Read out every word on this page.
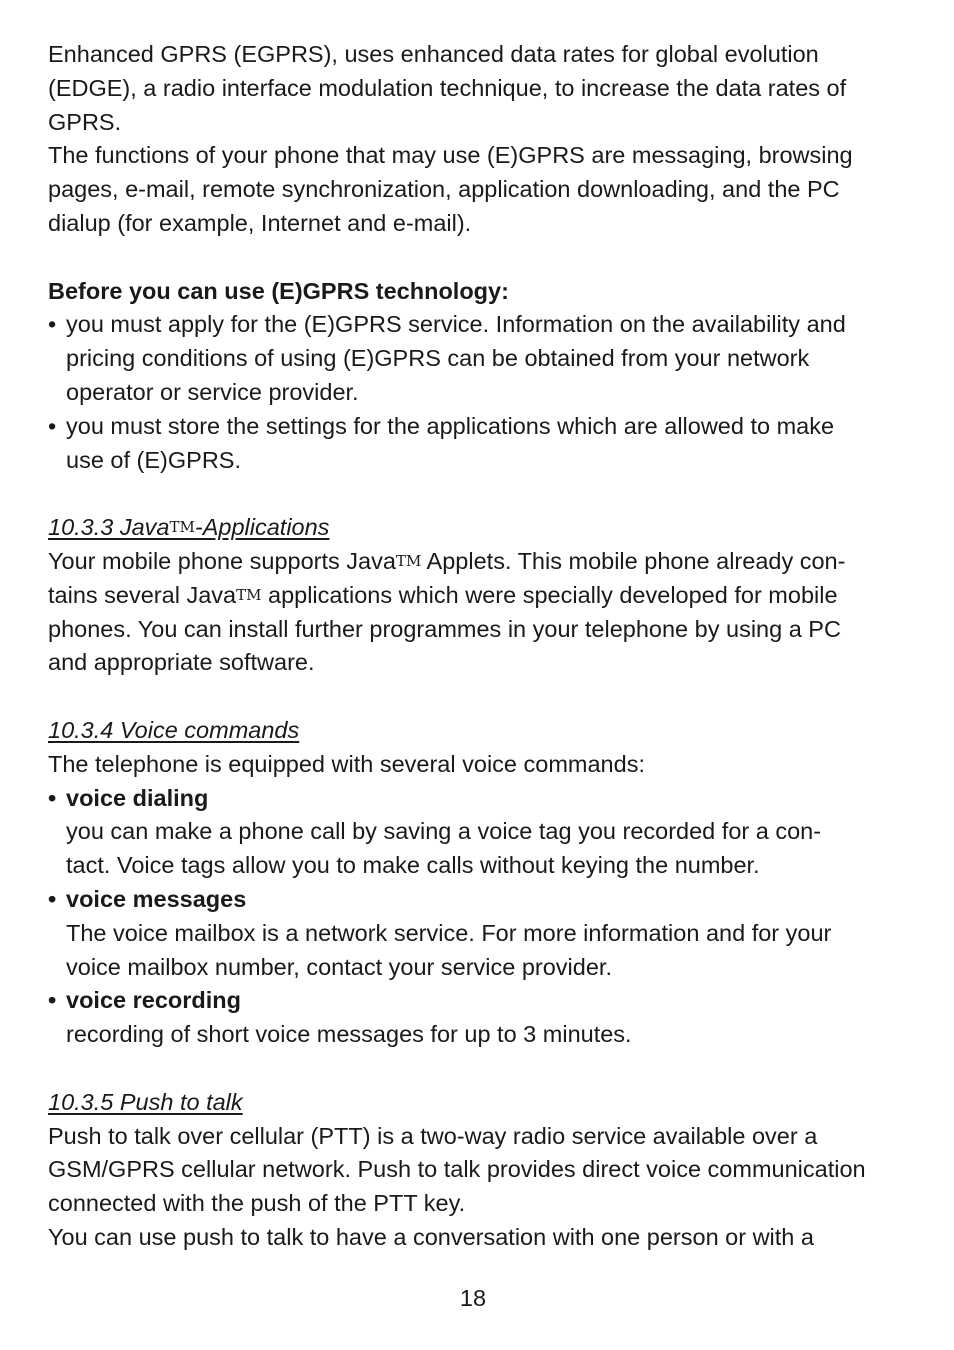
Enhanced GPRS (EGPRS), uses enhanced data rates for global evolution
(EDGE), a radio interface modulation technique, to increase the data rates of
GPRS.
The functions of your phone that may use (E)GPRS are messaging, browsing
pages, e-mail, remote synchronization, application downloading, and the PC
dialup (for example, Internet and e-mail).
Before you can use (E)GPRS technology:
• you must apply for the (E)GPRS service. Information on the availability and
pricing conditions of using (E)GPRS can be obtained from your network
operator or service provider.
• you must store the settings for the applications which are allowed to make
use of (E)GPRS.
10.3.3 JavaTM-Applications
Your mobile phone supports JavaTM Applets. This mobile phone already con-
tains several JavaTM applications which were specially developed for mobile
phones. You can install further programmes in your telephone by using a PC
and appropriate software.
10.3.4 Voice commands
The telephone is equipped with several voice commands:
• voice dialing
you can make a phone call by saving a voice tag you recorded for a con-
tact. Voice tags allow you to make calls without keying the number.
• voice messages
The voice mailbox is a network service. For more information and for your
voice mailbox number, contact your service provider.
• voice recording
recording of short voice messages for up to 3 minutes.
10.3.5 Push to talk
Push to talk over cellular (PTT) is a two-way radio service available over a
GSM/GPRS cellular network. Push to talk provides direct voice communication
connected with the push of the PTT key.
You can use push to talk to have a conversation with one person or with a
18
